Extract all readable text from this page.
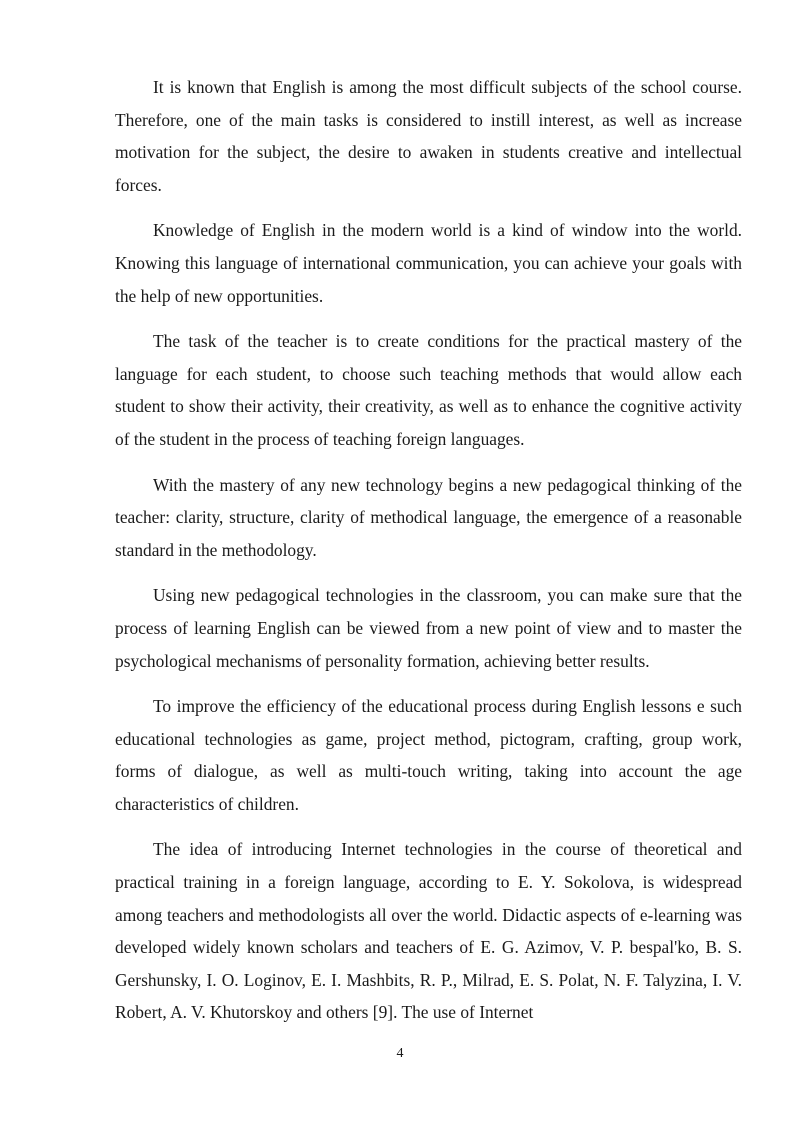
It is known that English is among the most difficult subjects of the school course. Therefore, one of the main tasks is considered to instill interest, as well as increase motivation for the subject, the desire to awaken in students creative and intellectual forces.

Knowledge of English in the modern world is a kind of window into the world. Knowing this language of international communication, you can achieve your goals with the help of new opportunities.

The task of the teacher is to create conditions for the practical mastery of the language for each student, to choose such teaching methods that would allow each student to show their activity, their creativity, as well as to enhance the cognitive activity of the student in the process of teaching foreign languages.

With the mastery of any new technology begins a new pedagogical thinking of the teacher: clarity, structure, clarity of methodical language, the emergence of a reasonable standard in the methodology.

Using new pedagogical technologies in the classroom, you can make sure that the process of learning English can be viewed from a new point of view and to master the psychological mechanisms of personality formation, achieving better results.

To improve the efficiency of the educational process during English lessons e such educational technologies as game, project method, pictogram, crafting, group work, forms of dialogue, as well as multi-touch writing, taking into account the age characteristics of children.

The idea of introducing Internet technologies in the course of theoretical and practical training in a foreign language, according to E. Y. Sokolova, is widespread among teachers and methodologists all over the world. Didactic aspects of e-learning was developed widely known scholars and teachers of E. G. Azimov, V. P. bespal'ko, B. S. Gershunsky, I. O. Loginov, E. I. Mashbits, R. P., Milrad, E. S. Polat, N. F. Talyzina, I. V. Robert, A. V. Khutorskoy and others [9]. The use of Internet

4
